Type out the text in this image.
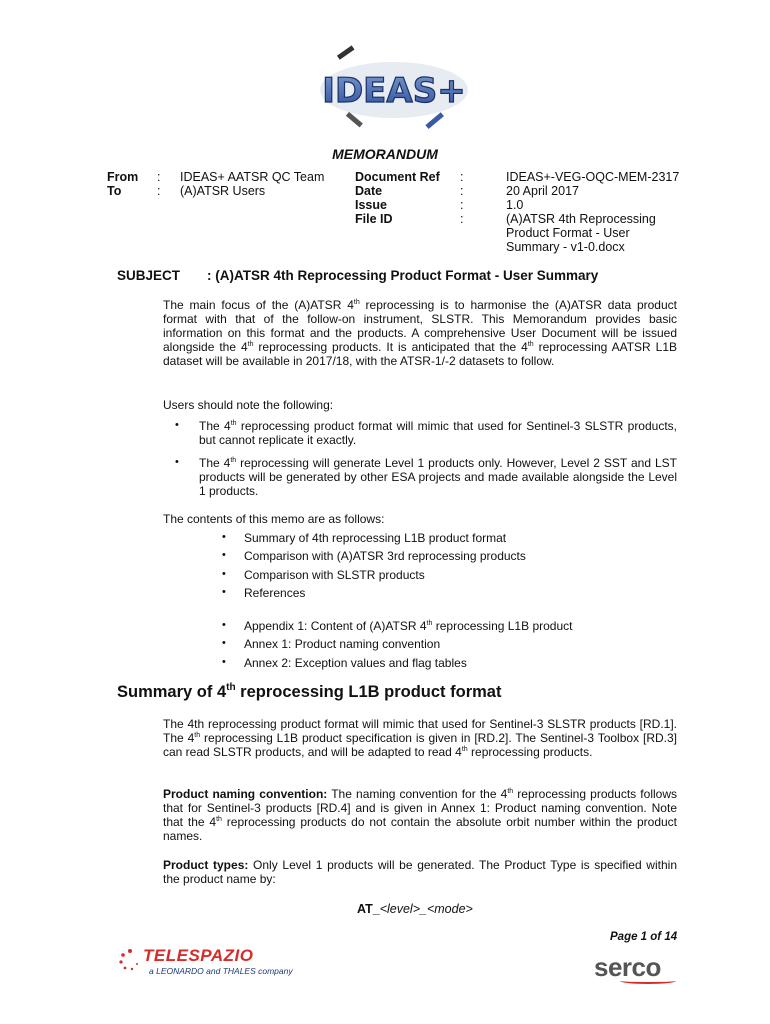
IDEAS+
MEMORANDUM
From : IDEAS+ AATSR QC Team
To	: (A)ATSR Users
Document Ref :	IDEAS+-VEG-OQC-MEM-2317
Date	:	20 April 2017
Issue	:	1.0
File ID	:	(A)ATSR 4th Reprocessing
Product Format - User
Summary - v1-0.docx
SUBJECT : (A)ATSR 4th Reprocessing Product Format - User Summary
The main focus of the (A)ATSR 4th reprocessing is to harmonise the (A)ATSR data product format with that of the follow-on instrument, SLSTR. This Memorandum provides basic information on this format and the products. A comprehensive User Document will be issued alongside the 4th reprocessing products. It is anticipated that the 4th reprocessing AATSR L1B dataset will be available in 2017/18, with the ATSR-1/-2 datasets to follow.
Users should note the following:
• The 4th reprocessing product format will mimic that used for Sentinel-3 SLSTR products, but cannot replicate it exactly.
• The 4th reprocessing will generate Level 1 products only. However, Level 2 SST and LST products will be generated by other ESA projects and made available alongside the Level 1 products.
The contents of this memo are as follows:
• Summary of 4th reprocessing L1B product format
• Comparison with (A)ATSR 3rd reprocessing products
• Comparison with SLSTR products
• References
• Appendix 1: Content of (A)ATSR 4th reprocessing L1B product
• Annex 1: Product naming convention
• Annex 2: Exception values and flag tables
Summary of 4th reprocessing L1B product format
The 4th reprocessing product format will mimic that used for Sentinel-3 SLSTR products [RD.1]. The 4th reprocessing L1B product specification is given in [RD.2]. The Sentinel-3 Toolbox [RD.3] can read SLSTR products, and will be adapted to read 4th reprocessing products.
Product naming convention: The naming convention for the 4th reprocessing products follows that for Sentinel-3 products [RD.4] and is given in Annex 1: Product naming convention. Note that the 4th reprocessing products do not contain the absolute orbit number within the product names.
Product types: Only Level 1 products will be generated. The Product Type is specified within the product name by:
AT_<level>_<mode>
Page 1 of 14
TELESPAZIO
a LEONARDO and THALES company	serco
